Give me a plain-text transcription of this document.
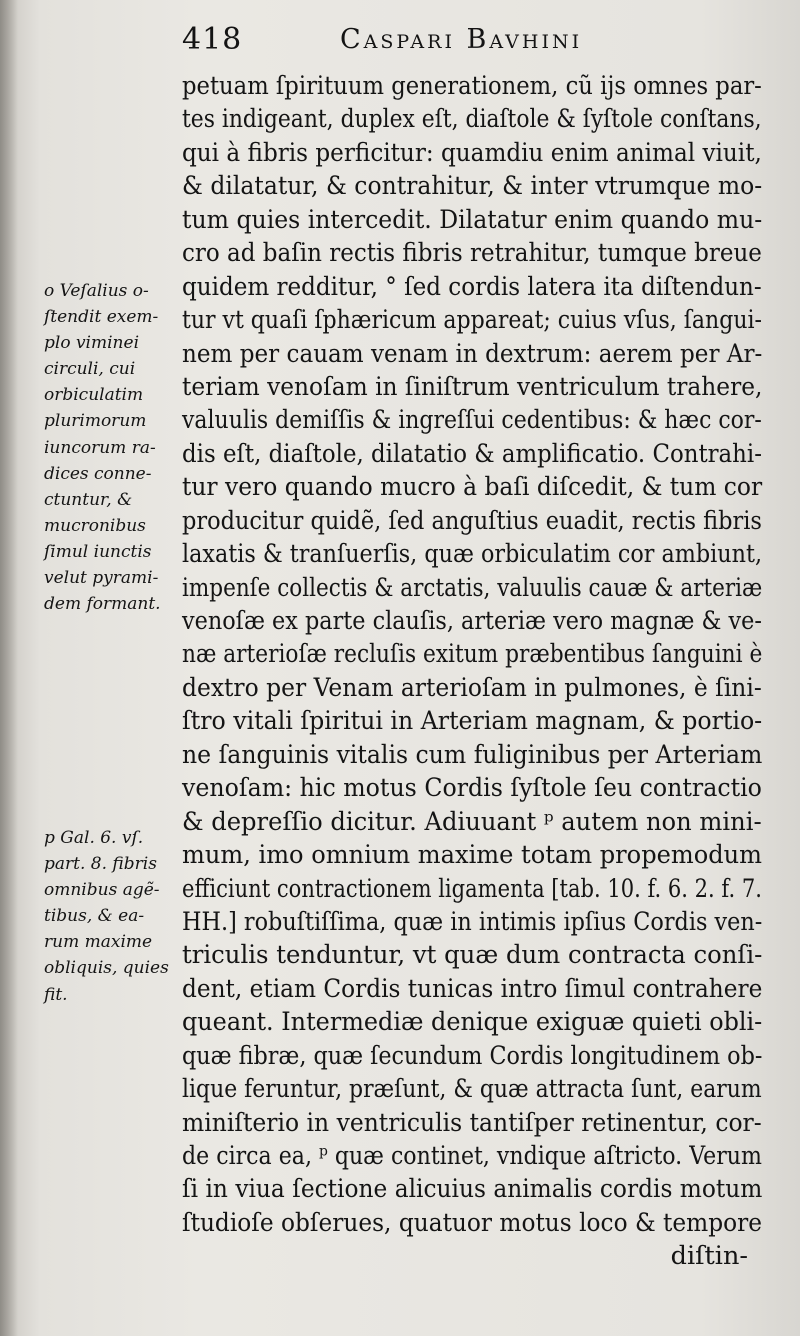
418	Caspari Bavhini
petuam ſpirituum generationem, cũ ijs omnes par-
tes indigeant, duplex eſt, diaſtole & ſyſtole conſtans,
qui à fibris perficitur: quamdiu enim animal viuit,
& dilatatur, & contrahitur, & inter vtrumque mo-
tum quies intercedit. Dilatatur enim quando mu-
cro ad baſin rectis fibris retrahitur, tumque breue
quidem redditur, ° ſed cordis latera ita diſtendun-
tur vt quaſi ſphæricum appareat; cuius vſus, ſangui-
nem per cauam venam in dextrum: aerem per Ar-
teriam venoſam in ſiniſtrum ventriculum trahere,
valuulis demiſſis & ingreſſui cedentibus: & hæc cor-
dis eſt, diaſtole, dilatatio & amplificatio. Contrahi-
tur vero quando mucro à baſi diſcedit, & tum cor
producitur quidẽ, ſed anguſtius euadit, rectis fibris
laxatis & tranſuerſis, quæ orbiculatim cor ambiunt,
impenſe collectis & arctatis, valuulis cauæ & arteriæ
venoſæ ex parte clauſis, arteriæ vero magnæ & ve-
næ arterioſæ recluſis exitum præbentibus ſanguini è
dextro per Venam arterioſam in pulmones, è ſini-
ſtro vitali ſpiritui in Arteriam magnam, & portio-
ne ſanguinis vitalis cum fuliginibus per Arteriam
venoſam: hic motus Cordis ſyſtole ſeu contractio
& depreſſio dicitur. Adiuuant ᵖ autem non mini-
mum, imo omnium maxime totam propemodum
efficiunt contractionem ligamenta [tab. 10. f. 6. 2. f. 7.
HH.] robuſtiſſima, quæ in intimis ipſius Cordis ven-
triculis tenduntur, vt quæ dum contracta conſi-
dent, etiam Cordis tunicas intro ſimul contrahere
queant. Intermediæ denique exiguæ quieti obli-
quæ fibræ, quæ ſecundum Cordis longitudinem ob-
lique feruntur, præſunt, & quæ attracta ſunt, earum
miniſterio in ventriculis tantiſper retinentur, cor-
de circa ea, ᵖ quæ continet, vndique aſtricto. Verum
ſi in viua ſectione alicuius animalis cordis motum
ſtudioſe obſerues, quatuor motus loco & tempore
diſtin-
o Veſalius o-
ſtendit exem-
plo viminei
circuli, cui
orbiculatim
plurimorum
iuncorum ra-
dices conne-
ctuntur, &
mucronibus
ſimul iunctis
velut pyrami-
dem formant.
p Gal. 6. vſ.
part. 8. fibris
omnibus agẽ-
tibus, & ea-
rum maxime
obliquis, quies
fit.
